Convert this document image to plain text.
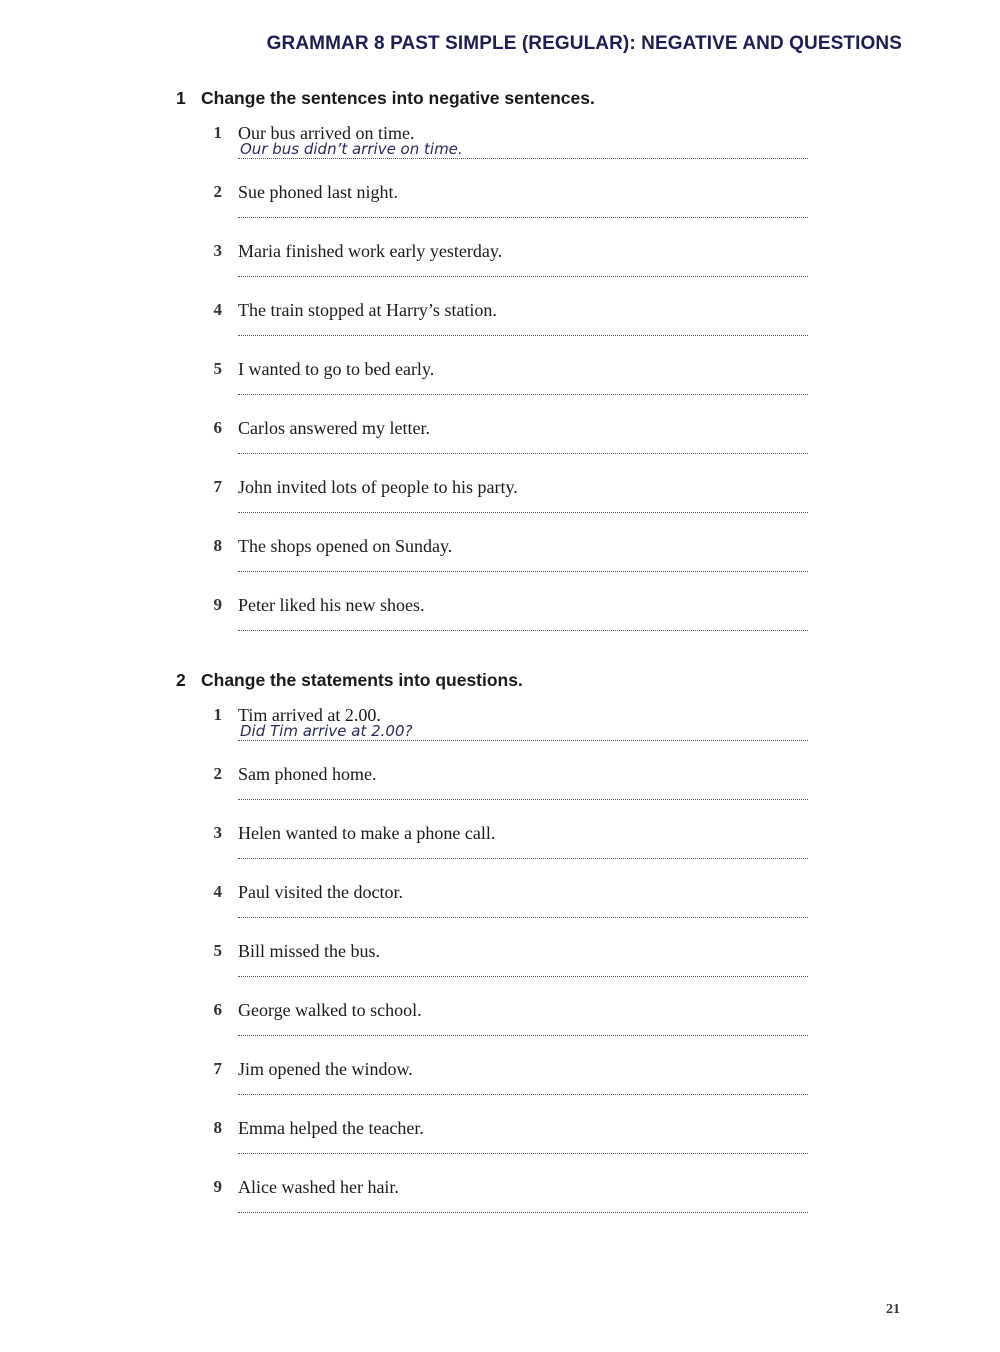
GRAMMAR 8 PAST SIMPLE (REGULAR): NEGATIVE AND QUESTIONS
1 Change the sentences into negative sentences.
1 Our bus arrived on time.
Our bus didn’t arrive on time.
2 Sue phoned last night.
3 Maria finished work early yesterday.
4 The train stopped at Harry’s station.
5 I wanted to go to bed early.
6 Carlos answered my letter.
7 John invited lots of people to his party.
8 The shops opened on Sunday.
9 Peter liked his new shoes.
2 Change the statements into questions.
1 Tim arrived at 2.00.
Did Tim arrive at 2.00?
2 Sam phoned home.
3 Helen wanted to make a phone call.
4 Paul visited the doctor.
5 Bill missed the bus.
6 George walked to school.
7 Jim opened the window.
8 Emma helped the teacher.
9 Alice washed her hair.
21
